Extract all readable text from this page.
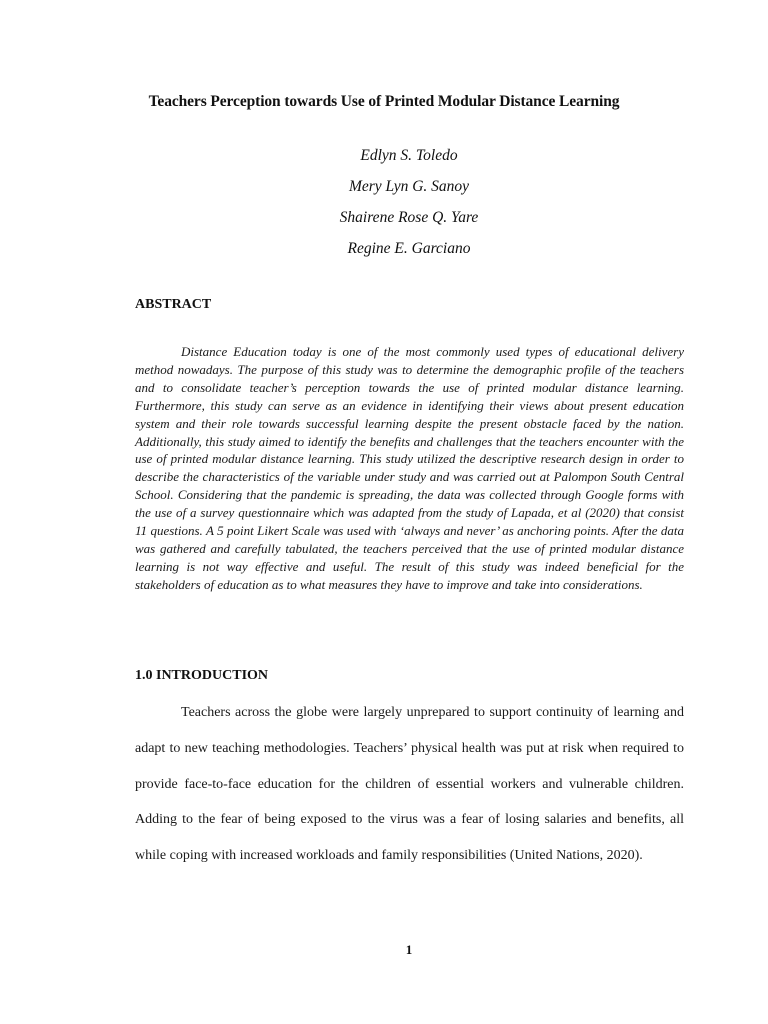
Teachers Perception towards Use of Printed Modular Distance Learning
Edlyn S. Toledo
Mery Lyn G. Sanoy
Shairene Rose Q. Yare
Regine E. Garciano
ABSTRACT

Distance Education today is one of the most commonly used types of educational delivery method nowadays. The purpose of this study was to determine the demographic profile of the teachers and to consolidate teacher’s perception towards the use of printed modular distance learning. Furthermore, this study can serve as an evidence in identifying their views about present education system and their role towards successful learning despite the present obstacle faced by the nation. Additionally, this study aimed to identify the benefits and challenges that the teachers encounter with the use of printed modular distance learning. This study utilized the descriptive research design in order to describe the characteristics of the variable under study and was carried out at Palompon South Central School. Considering that the pandemic is spreading, the data was collected through Google forms with the use of a survey questionnaire which was adapted from the study of Lapada, et al (2020) that consist 11 questions. A 5 point Likert Scale was used with ‘always and never’ as anchoring points. After the data was gathered and carefully tabulated, the teachers perceived that the use of printed modular distance learning is not way effective and useful. The result of this study was indeed beneficial for the stakeholders of education as to what measures they have to improve and take into considerations.

1.0 INTRODUCTION

Teachers across the globe were largely unprepared to support continuity of learning and adapt to new teaching methodologies. Teachers’ physical health was put at risk when required to provide face-to-face education for the children of essential workers and vulnerable children. Adding to the fear of being exposed to the virus was a fear of losing salaries and benefits, all while coping with increased workloads and family responsibilities (United Nations, 2020).

1
